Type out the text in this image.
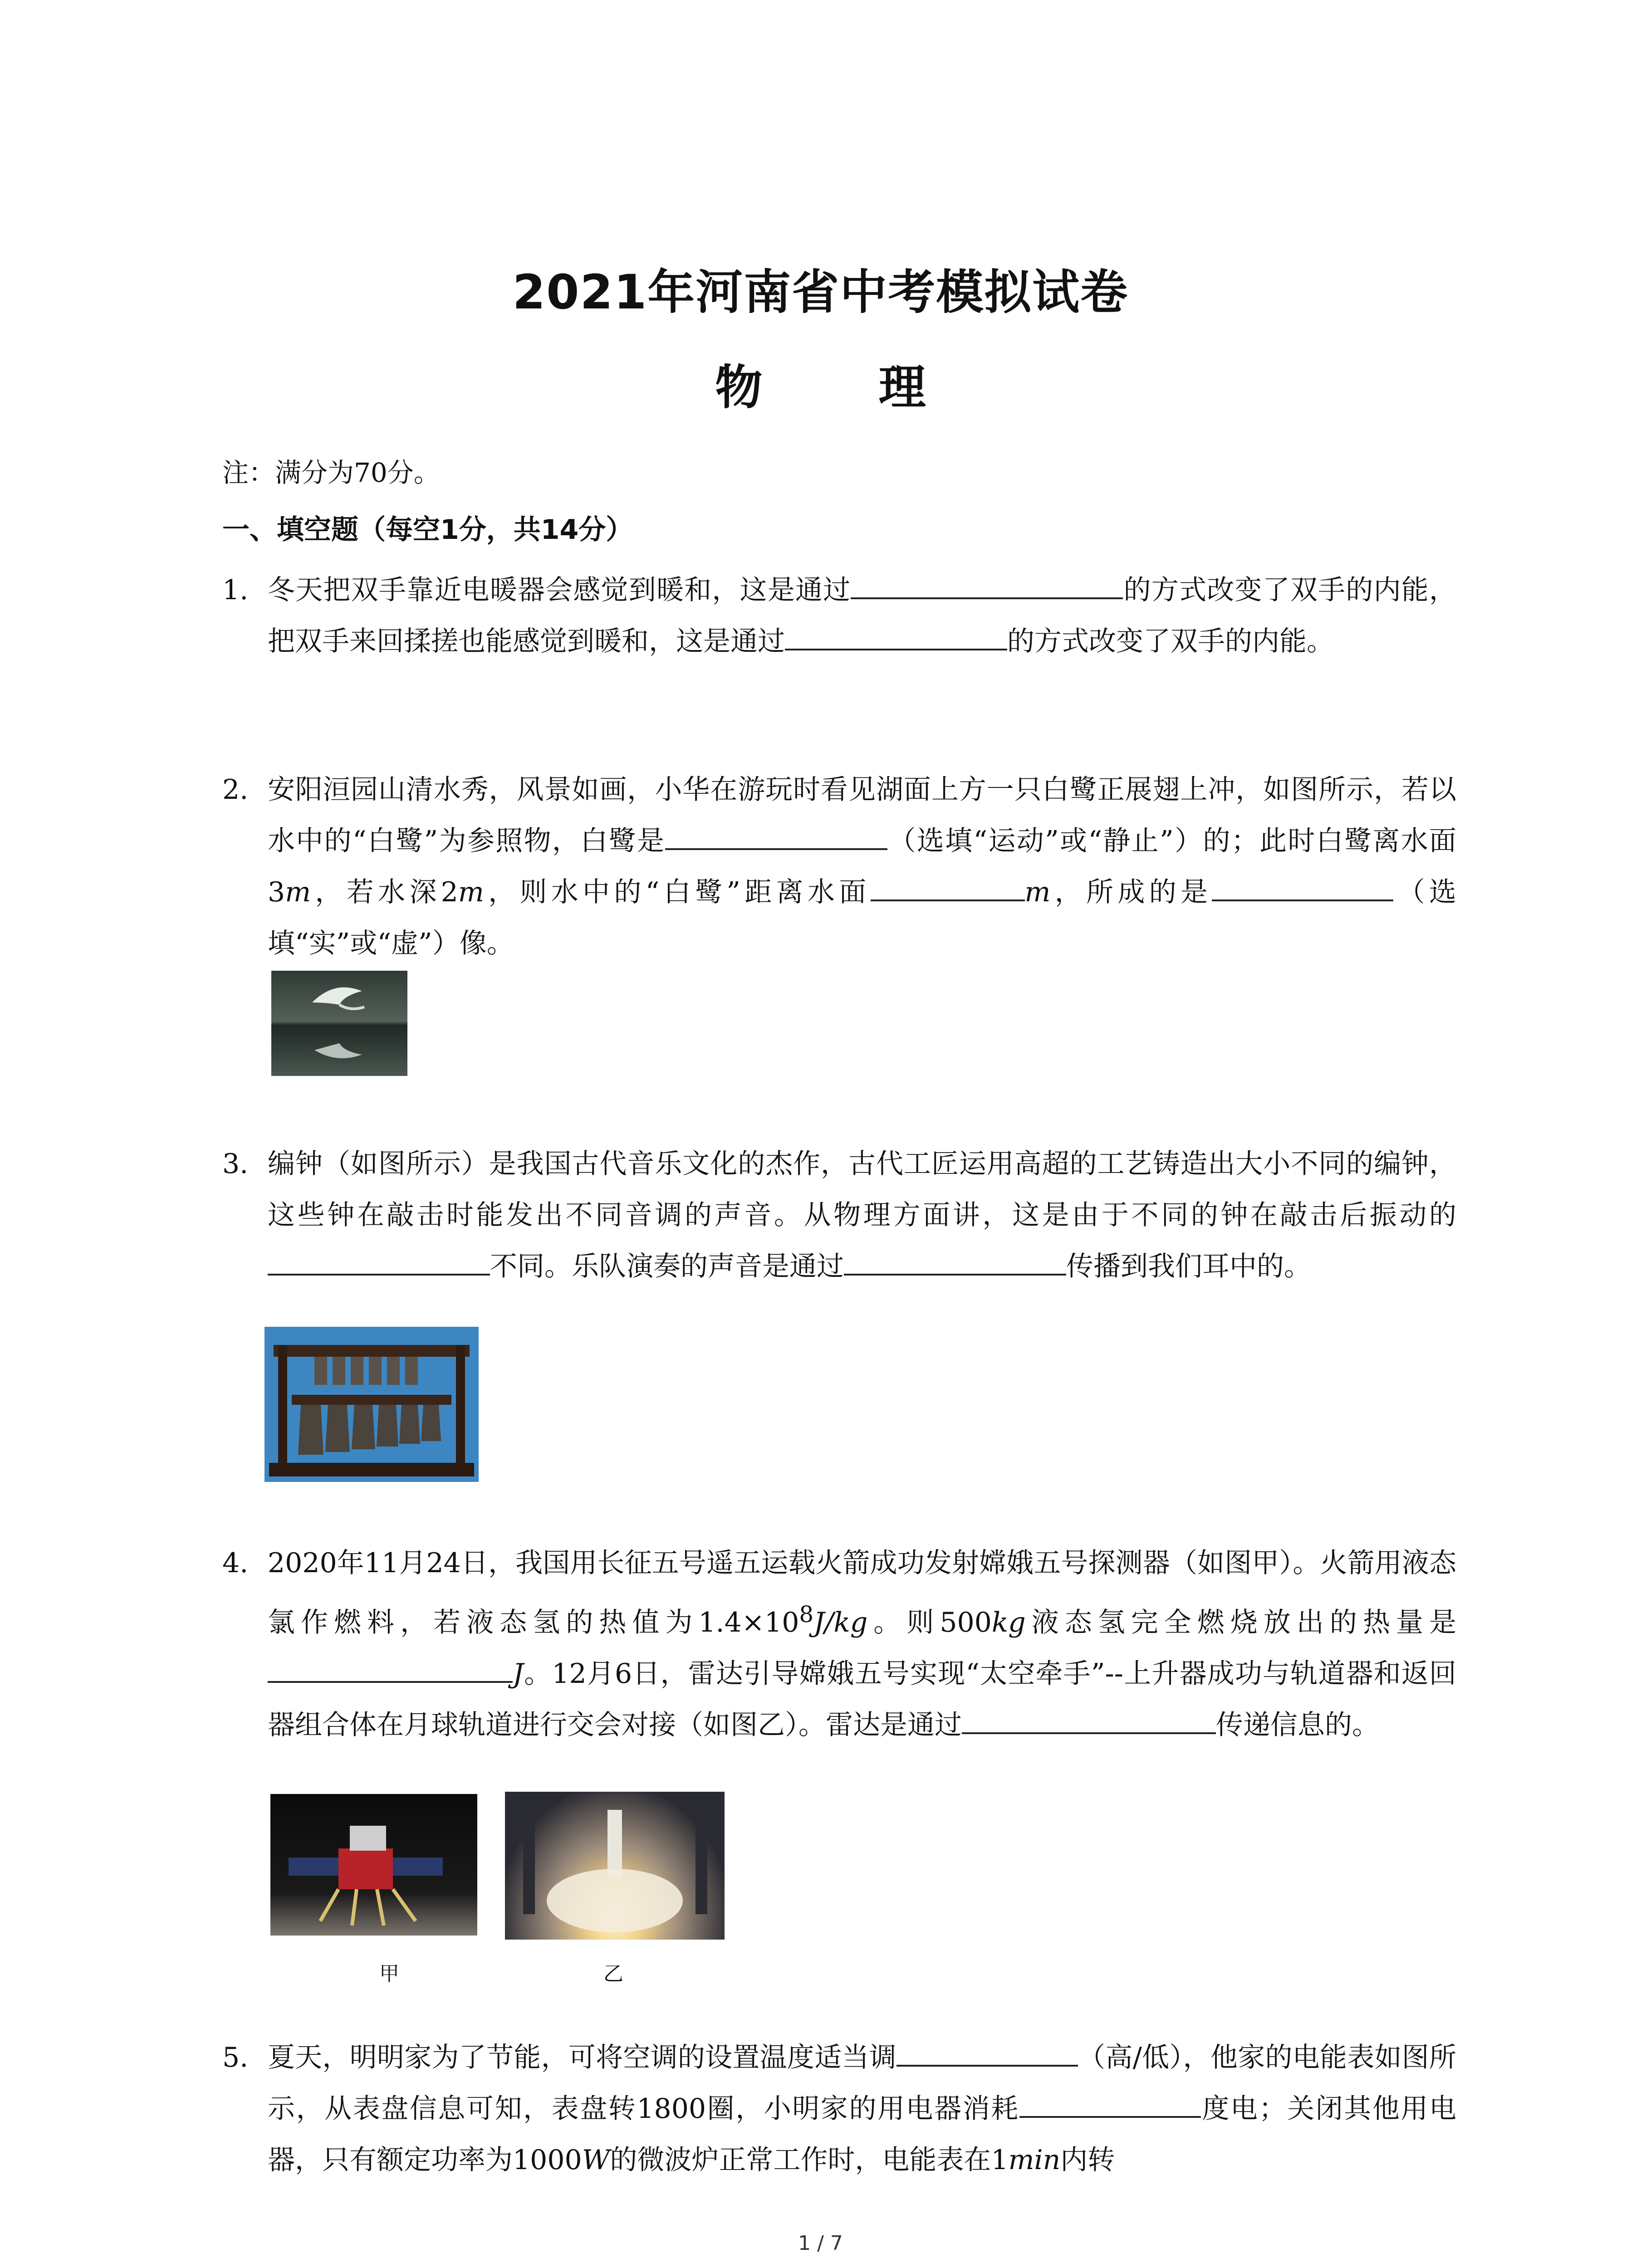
2021年河南省中考模拟试卷
物 理
注：满分为70分。
一、填空题（每空1分，共14分）
1. 冬天把双手靠近电暖器会感觉到暖和，这是通过	的方式改变了双手的内能，把双手来回揉搓也能感觉到暖和，这是通过	的方式改变了双手的内能。
2. 安阳洹园山清水秀，风景如画，小华在游玩时看见湖面上方一只白鹭正展翅上冲，如图所示，若以水中的“白鹭”为参照物，白鹭是	（选填“运动”或“静止”）的；此时白鹭离水面3m，若水深2m，则水中的“白鹭”距离水面	m，所成的是	（选填“实”或“虚”）像。
3. 编钟（如图所示）是我国古代音乐文化的杰作，古代工匠运用高超的工艺铸造出大小不同的编钟，这些钟在敲击时能发出不同音调的声音。从物理方面讲，这是由于不同的钟在敲击后振动的不同。乐队演奏的声音是通过	传播到我们耳中的。
4. 2020年11月24日，我国用长征五号遥五运载火箭成功发射嫦娥五号探测器（如图甲）。火箭用液态氯作燃料，若液态氢的热值为$1.4\times 10^8J/kg$。则500kg液态氢完全燃烧放出的热量是J。12月6日，雷达引导嫦娥五号实现“太空牵手”--上升器成功与轨道器和返回器组合体在月球轨道进行交会对接（如图乙）。雷达是通过	传递信息的。
甲	乙
5. 夏天，明明家为了节能，可将空调的设置温度适当调	（高/低），他家的电能表如图所示，从表盘信息可知，表盘转1800圈，小明家的用电器消耗	度电；关闭其他用电器，只有额定功率为1000W的微波炉正常工作时，电能表在1min内转
1 / 7
